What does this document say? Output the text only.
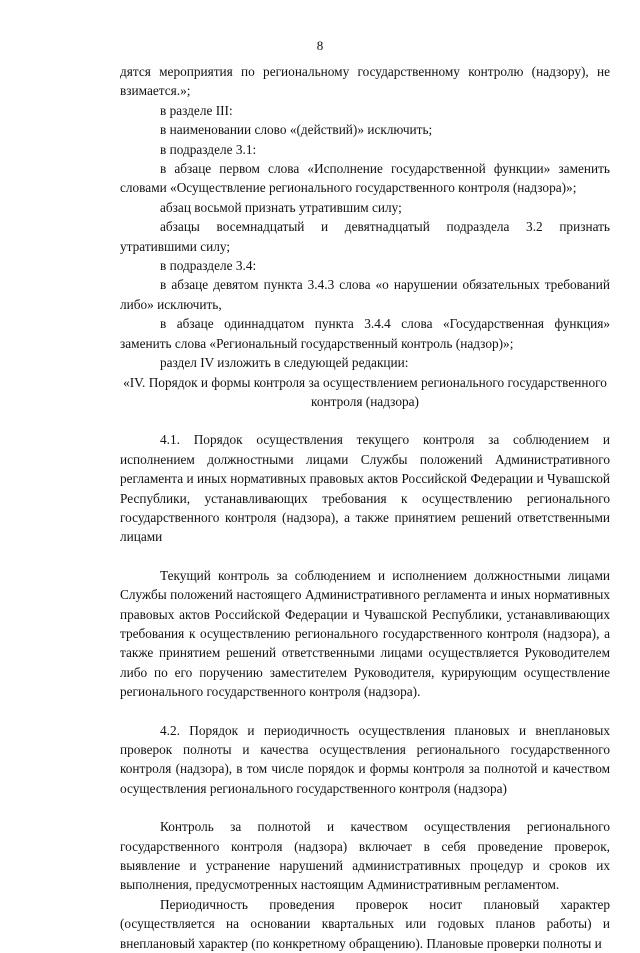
8

дятся мероприятия по региональному государственному контролю (надзору), не взимается.»;

в разделе III:

в наименовании слово «(действий)» исключить;

в подразделе 3.1:

в абзаце первом слова «Исполнение государственной функции» заменить словами «Осуществление регионального государственного контроля (надзора)»;

абзац восьмой признать утратившим силу;

абзацы восемнадцатый и девятнадцатый подраздела 3.2 признать утратившими силу;

в подразделе 3.4:

в абзаце девятом пункта 3.4.3 слова «о нарушении обязательных требований либо» исключить,

в абзаце одиннадцатом пункта 3.4.4 слова «Государственная функция» заменить слова «Региональный государственный контроль (надзор)»;

раздел IV изложить в следующей редакции:

«IV. Порядок и формы контроля за осуществлением регионального государственного контроля (надзора)

4.1. Порядок осуществления текущего контроля за соблюдением и исполнением должностными лицами Службы положений Административного регламента и иных нормативных правовых актов Российской Федерации и Чувашской Республики, устанавливающих требования к осуществлению регионального государственного контроля (надзора), а также принятием решений ответственными лицами

Текущий контроль за соблюдением и исполнением должностными лицами Службы положений настоящего Административного регламента и иных нормативных правовых актов Российской Федерации и Чувашской Республики, устанавливающих требования к осуществлению регионального государственного контроля (надзора), а также принятием решений ответственными лицами осуществляется Руководителем либо по его поручению заместителем Руководителя, курирующим осуществление регионального государственного контроля (надзора).

4.2. Порядок и периодичность осуществления плановых и внеплановых проверок полноты и качества осуществления регионального государственного контроля (надзора), в том числе порядок и формы контроля за полнотой и качеством осуществления регионального государственного контроля (надзора)

Контроль за полнотой и качеством осуществления регионального государственного контроля (надзора) включает в себя проведение проверок, выявление и устранение нарушений административных процедур и сроков их выполнения, предусмотренных настоящим Административным регламентом.

Периодичность проведения проверок носит плановый характер (осуществляется на основании квартальных или годовых планов работы) и внеплановый характер (по конкретному обращению). Плановые проверки полноты и
